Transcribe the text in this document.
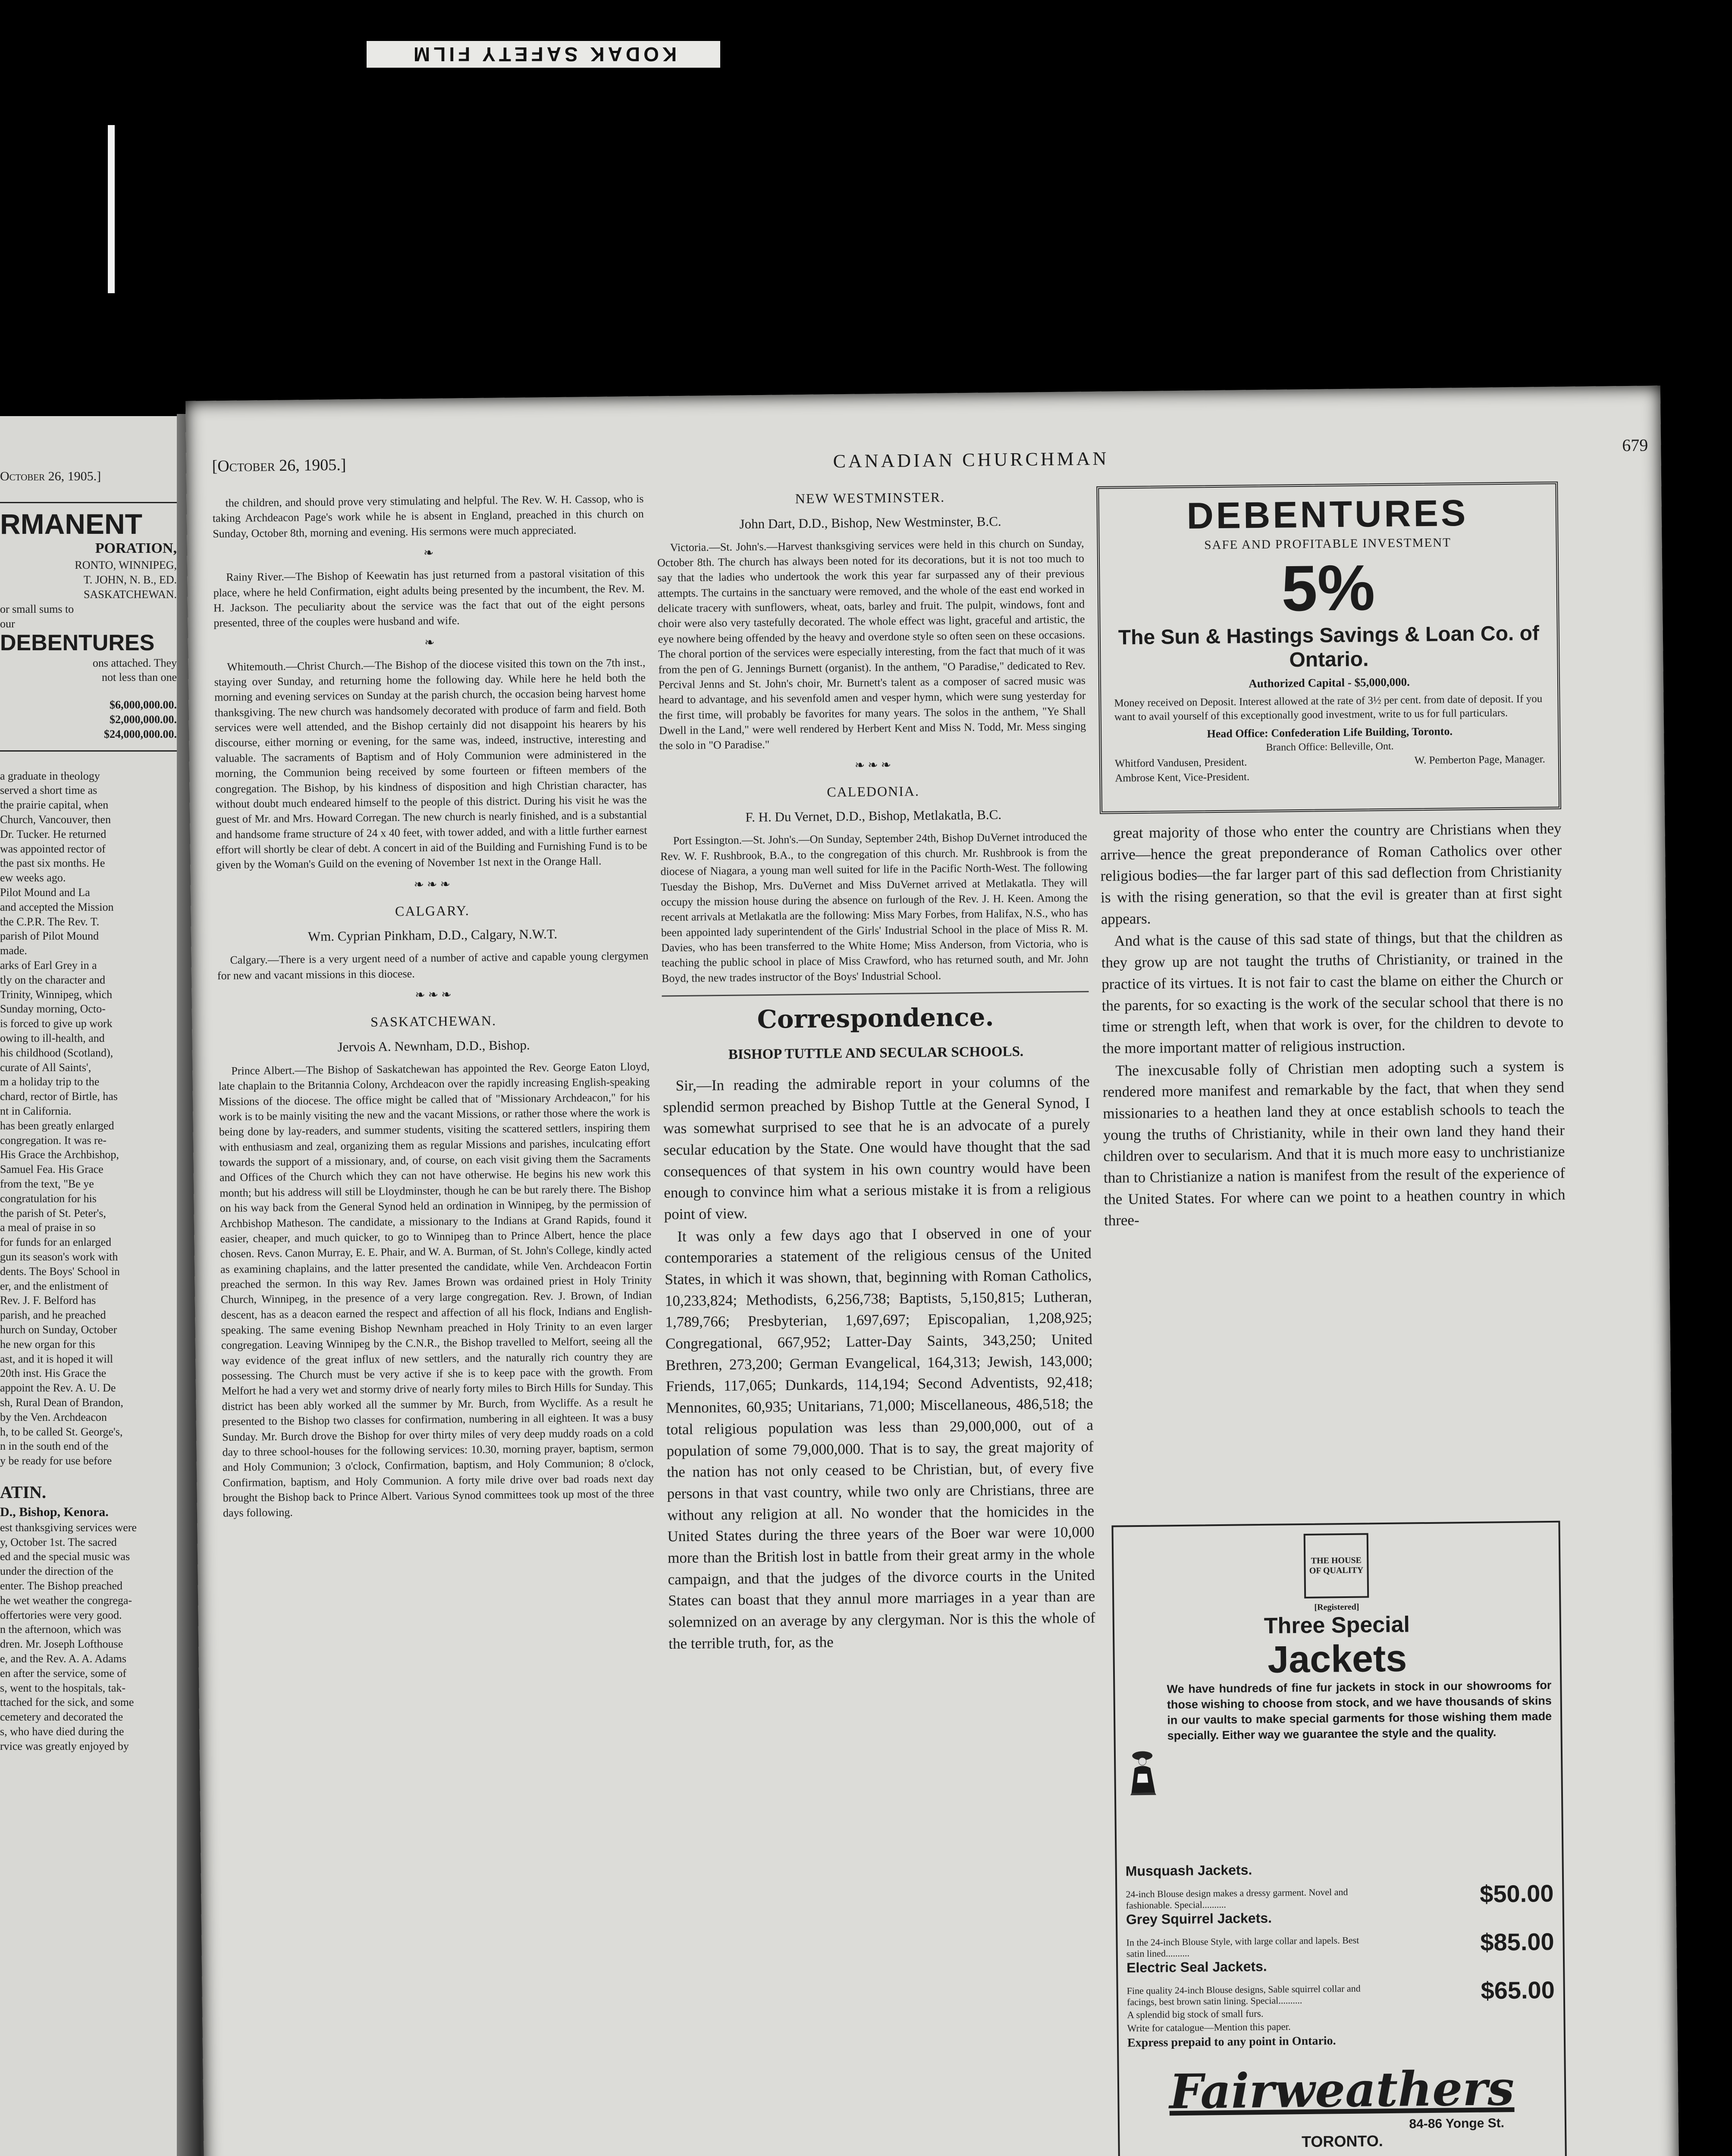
KODAK SAFETY FILM
October 26, 1905.]
RMANENT
PORATION,
RONTO, WINNIPEG,
T. JOHN, N. B., ED.
SASKATCHEWAN.
or small sums to
our
DEBENTURES
ons attached. They
not less than one
$6,000,000.00.
$2,000,000.00.
$24,000,000.00.
a graduate in theology
served a short time as
the prairie capital, when
Church, Vancouver, then
Dr. Tucker. He returned
was appointed rector of
the past six months. He
ew weeks ago.
Pilot Mound and La
and accepted the Mission
the C.P.R. The Rev. T.
parish of Pilot Mound
made.
arks of Earl Grey in a
tly on the character and
Trinity, Winnipeg, which
Sunday morning, Octo-
is forced to give up work
owing to ill-health, and
his childhood (Scotland),
curate of All Saints',
m a holiday trip to the
chard, rector of Birtle, has
nt in California.
has been greatly enlarged
congregation. It was re-
His Grace the Archbishop,
Samuel Fea. His Grace
from the text, "Be ye
congratulation for his
the parish of St. Peter's,
a meal of praise in so
for funds for an enlarged
gun its season's work with
dents. The Boys' School in
er, and the enlistment of
Rev. J. F. Belford has
parish, and he preached
hurch on Sunday, October
he new organ for this
ast, and it is hoped it will
20th inst. His Grace the
appoint the Rev. A. U. De
sh, Rural Dean of Brandon,
by the Ven. Archdeacon
h, to be called St. George's,
n in the south end of the
y be ready for use before
ATIN.
D., Bishop, Kenora.
est thanksgiving services were
y, October 1st. The sacred
ed and the special music was
under the direction of the
enter. The Bishop preached
he wet weather the congrega-
offertories were very good.
n the afternoon, which was
dren. Mr. Joseph Lofthouse
e, and the Rev. A. A. Adams
en after the service, some of
s, went to the hospitals, tak-
ttached for the sick, and some
cemetery and decorated the
s, who have died during the
rvice was greatly enjoyed by
[October 26, 1905.]	CANADIAN CHURCHMAN
679

the children, and should prove very stimulating and helpful. The Rev. W. H. Cassop, who is taking Archdeacon Page's work while he is absent in England, preached in this church on Sunday, October 8th, morning and evening. His sermons were much appreciated.

❧

Rainy River.—The Bishop of Keewatin has just returned from a pastoral visitation of this place, where he held Confirmation, eight adults being presented by the incumbent, the Rev. M. H. Jackson. The peculiarity about the service was the fact that out of the eight persons presented, three of the couples were husband and wife.

❧

Whitemouth.—Christ Church.—The Bishop of the diocese visited this town on the 7th inst., staying over Sunday, and returning home the following day. While here he held both the morning and evening services on Sunday at the parish church, the occasion being harvest home thanksgiving. The new church was handsomely decorated with produce of farm and field. Both services were well attended, and the Bishop certainly did not disappoint his hearers by his discourse, either morning or evening, for the same was, indeed, instructive, interesting and valuable. The sacraments of Baptism and of Holy Communion were administered in the morning, the Communion being received by some fourteen or fifteen members of the congregation. The Bishop, by his kindness of disposition and high Christian character, has without doubt much endeared himself to the people of this district. During his visit he was the guest of Mr. and Mrs. Howard Corregan. The new church is nearly finished, and is a substantial and handsome frame structure of 24 x 40 feet, with tower added, and with a little further earnest effort will shortly be clear of debt. A concert in aid of the Building and Furnishing Fund is to be given by the Woman's Guild on the evening of November 1st next in the Orange Hall.

❧ ❧ ❧
CALGARY.
Wm. Cyprian Pinkham, D.D., Calgary, N.W.T.

Calgary.—There is a very urgent need of a number of active and capable young clergymen for new and vacant missions in this diocese.

❧ ❧ ❧
SASKATCHEWAN.
Jervois A. Newnham, D.D., Bishop.

Prince Albert.—The Bishop of Saskatchewan has appointed the Rev. George Eaton Lloyd, late chaplain to the Britannia Colony, Archdeacon over the rapidly increasing English-speaking Missions of the diocese. The office might be called that of "Missionary Archdeacon," for his work is to be mainly visiting the new and the vacant Missions, or rather those where the work is being done by lay-readers, and summer students, visiting the scattered settlers, inspiring them with enthusiasm and zeal, organizing them as regular Missions and parishes, inculcating effort towards the support of a missionary, and, of course, on each visit giving them the Sacraments and Offices of the Church which they can not have otherwise. He begins his new work this month; but his address will still be Lloydminster, though he can be but rarely there. The Bishop on his way back from the General Synod held an ordination in Winnipeg, by the permission of Archbishop Matheson. The candidate, a missionary to the Indians at Grand Rapids, found it easier, cheaper, and much quicker, to go to Winnipeg than to Prince Albert, hence the place chosen. Revs. Canon Murray, E. E. Phair, and W. A. Burman, of St. John's College, kindly acted as examining chaplains, and the latter presented the candidate, while Ven. Archdeacon Fortin preached the sermon. In this way Rev. James Brown was ordained priest in Holy Trinity Church, Winnipeg, in the presence of a very large congregation. Rev. J. Brown, of Indian descent, has as a deacon earned the respect and affection of all his flock, Indians and English-speaking. The same evening Bishop Newnham preached in Holy Trinity to an even larger congregation. Leaving Winnipeg by the C.N.R., the Bishop travelled to Melfort, seeing all the way evidence of the great influx of new settlers, and the naturally rich country they are possessing. The Church must be very active if she is to keep pace with the growth. From Melfort he had a very wet and stormy drive of nearly forty miles to Birch Hills for Sunday. This district has been ably worked all the summer by Mr. Burch, from Wycliffe. As a result he presented to the Bishop two classes for confirmation, numbering in all eighteen. It was a busy Sunday. Mr. Burch drove the Bishop for over thirty miles of very deep muddy roads on a cold day to three school-houses for the following services: 10.30, morning prayer, baptism, sermon and Holy Communion; 3 o'clock, Confirmation, baptism, and Holy Communion; 8 o'clock, Confirmation, baptism, and Holy Communion. A forty mile drive over bad roads next day brought the Bishop back to Prince Albert. Various Synod committees took up most of the three days following.

NEW WESTMINSTER.
John Dart, D.D., Bishop, New Westminster, B.C.

Victoria.—St. John's.—Harvest thanksgiving services were held in this church on Sunday, October 8th. The church has always been noted for its decorations, but it is not too much to say that the ladies who undertook the work this year far surpassed any of their previous attempts. The curtains in the sanctuary were removed, and the whole of the east end worked in delicate tracery with sunflowers, wheat, oats, barley and fruit. The pulpit, windows, font and choir were also very tastefully decorated. The whole effect was light, graceful and artistic, the eye nowhere being offended by the heavy and overdone style so often seen on these occasions. The choral portion of the services were especially interesting, from the fact that much of it was from the pen of G. Jennings Burnett (organist). In the anthem, "O Paradise," dedicated to Rev. Percival Jenns and St. John's choir, Mr. Burnett's talent as a composer of sacred music was heard to advantage, and his sevenfold amen and vesper hymn, which were sung yesterday for the first time, will probably be favorites for many years. The solos in the anthem, "Ye Shall Dwell in the Land," were well rendered by Herbert Kent and Miss N. Todd, Mr. Mess singing the solo in "O Paradise."

❧ ❧ ❧
CALEDONIA.
F. H. Du Vernet, D.D., Bishop, Metlakatla, B.C.

Port Essington.—St. John's.—On Sunday, September 24th, Bishop DuVernet introduced the Rev. W. F. Rushbrook, B.A., to the congregation of this church. Mr. Rushbrook is from the diocese of Niagara, a young man well suited for life in the Pacific North-West. The following Tuesday the Bishop, Mrs. DuVernet and Miss DuVernet arrived at Metlakatla. They will occupy the mission house during the absence on furlough of the Rev. J. H. Keen. Among the recent arrivals at Metlakatla are the following: Miss Mary Forbes, from Halifax, N.S., who has been appointed lady superintendent of the Girls' Industrial School in the place of Miss R. M. Davies, who has been transferred to the White Home; Miss Anderson, from Victoria, who is teaching the public school in place of Miss Crawford, who has returned south, and Mr. John Boyd, the new trades instructor of the Boys' Industrial School.

Correspondence.
BISHOP TUTTLE AND SECULAR SCHOOLS.

Sir,—In reading the admirable report in your columns of the splendid sermon preached by Bishop Tuttle at the General Synod, I was somewhat surprised to see that he is an advocate of a purely secular education by the State. One would have thought that the sad consequences of that system in his own country would have been enough to convince him what a serious mistake it is from a religious point of view.

It was only a few days ago that I observed in one of your contemporaries a statement of the religious census of the United States, in which it was shown, that, beginning with Roman Catholics, 10,233,824; Methodists, 6,256,738; Baptists, 5,150,815; Lutheran, 1,789,766; Presbyterian, 1,697,697; Episcopalian, 1,208,925; Congregational, 667,952; Latter-Day Saints, 343,250; United Brethren, 273,200; German Evangelical, 164,313; Jewish, 143,000; Friends, 117,065; Dunkards, 114,194; Second Adventists, 92,418; Mennonites, 60,935; Unitarians, 71,000; Miscellaneous, 486,518; the total religious population was less than 29,000,000, out of a population of some 79,000,000. That is to say, the great majority of the nation has not only ceased to be Christian, but, of every five persons in that vast country, while two only are Christians, three are without any religion at all. No wonder that the homicides in the United States during the three years of the Boer war were 10,000 more than the British lost in battle from their great army in the whole campaign, and that the judges of the divorce courts in the United States can boast that they annul more marriages in a year than are solemnized on an average by any clergyman. Nor is this the whole of the terrible truth, for, as the

DEBENTURES
SAFE AND PROFITABLE INVESTMENT
5%
The Sun & Hastings Savings & Loan Co. of Ontario.
Authorized Capital - $5,000,000.
Money received on Deposit. Interest allowed at the rate of 3½ per cent. from date of deposit. If you want to avail yourself of this exceptionally good investment, write to us for full particulars.
Head Office: Confederation Life Building, Toronto.
Branch Office: Belleville, Ont.
Whitford Vandusen, President.	W. Pemberton Page, Manager.
Ambrose Kent, Vice-President.

great majority of those who enter the country are Christians when they arrive—hence the great preponderance of Roman Catholics over other religious bodies—the far larger part of this sad deflection from Christianity is with the rising generation, so that the evil is greater than at first sight appears.

And what is the cause of this sad state of things, but that the children as they grow up are not taught the truths of Christianity, or trained in the practice of its virtues. It is not fair to cast the blame on either the Church or the parents, for so exacting is the work of the secular school that there is no time or strength left, when that work is over, for the children to devote to the more important matter of religious instruction.

The inexcusable folly of Christian men adopting such a system is rendered more manifest and remarkable by the fact, that when they send missionaries to a heathen land they at once establish schools to teach the young the truths of Christianity, while in their own land they hand their children over to secularism. And that it is much more easy to unchristianize than to Christianize a nation is manifest from the result of the experience of the United States. For where can we point to a heathen country in which three-

THE HOUSE OF QUALITY
[Registered]
Three Special
Jackets
We have hundreds of fine fur jackets in stock in our showrooms for those wishing to choose from stock, and we have thousands of skins in our vaults to make special garments for those wishing them made specially. Either way we guarantee the style and the quality.
Musquash Jackets.
24-inch Blouse design makes a dressy garment. Novel and fashionable. Special..........	$50.00
Grey Squirrel Jackets.
In the 24-inch Blouse Style, with large collar and lapels. Best satin lined..........	$85.00
Electric Seal Jackets.
Fine quality 24-inch Blouse designs, Sable squirrel collar and facings, best brown satin lining. Special..........	$65.00
A splendid big stock of small furs.
Write for catalogue—Mention this paper.
Express prepaid to any point in Ontario.
Fairweathers
84-86 Yonge St.
TORONTO.
